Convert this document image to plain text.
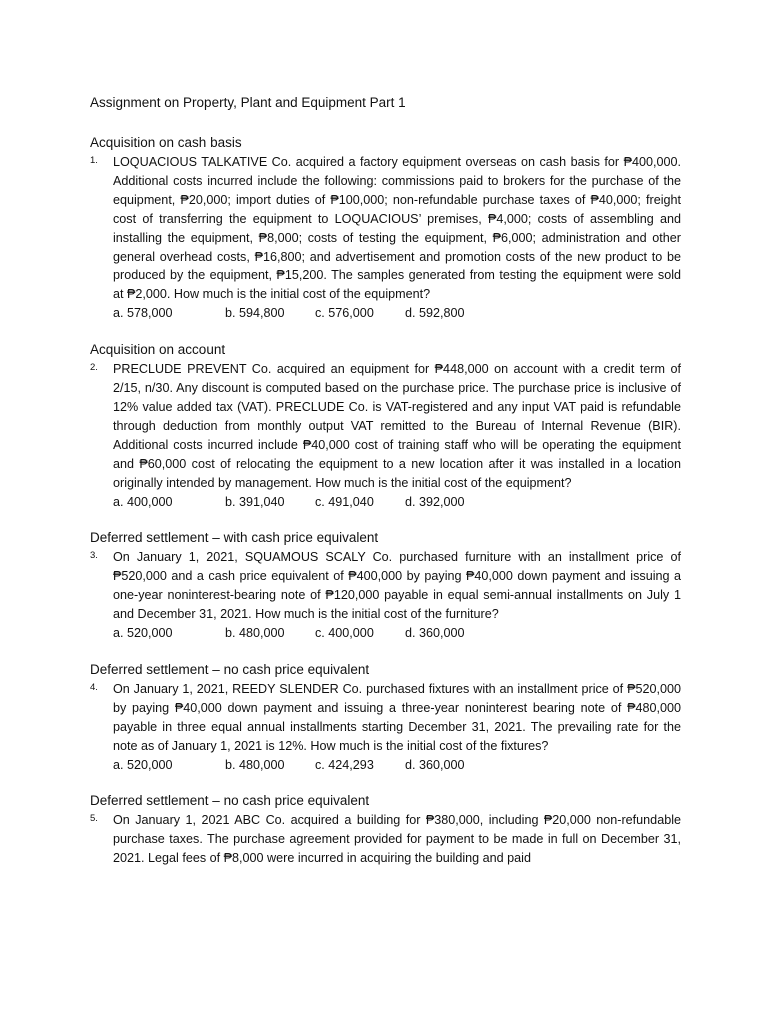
Assignment on Property, Plant and Equipment Part 1
Acquisition on cash basis
1. LOQUACIOUS TALKATIVE Co. acquired a factory equipment overseas on cash basis for ₱400,000. Additional costs incurred include the following: commissions paid to brokers for the purchase of the equipment, ₱20,000; import duties of ₱100,000; non-refundable purchase taxes of ₱40,000; freight cost of transferring the equipment to LOQUACIOUS’ premises, ₱4,000; costs of assembling and installing the equipment, ₱8,000; costs of testing the equipment, ₱6,000; administration and other general overhead costs, ₱16,800; and advertisement and promotion costs of the new product to be produced by the equipment, ₱15,200. The samples generated from testing the equipment were sold at ₱2,000. How much is the initial cost of the equipment?

a. 578,000	b. 594,800	c. 576,000	d. 592,800
Acquisition on account
2. PRECLUDE PREVENT Co. acquired an equipment for ₱448,000 on account with a credit term of 2/15, n/30. Any discount is computed based on the purchase price. The purchase price is inclusive of 12% value added tax (VAT). PRECLUDE Co. is VAT-registered and any input VAT paid is refundable through deduction from monthly output VAT remitted to the Bureau of Internal Revenue (BIR). Additional costs incurred include ₱40,000 cost of training staff who will be operating the equipment and ₱60,000 cost of relocating the equipment to a new location after it was installed in a location originally intended by management. How much is the initial cost of the equipment?

a. 400,000	b. 391,040	c. 491,040	d. 392,000
Deferred settlement – with cash price equivalent
3. On January 1, 2021, SQUAMOUS SCALY Co. purchased furniture with an installment price of ₱520,000 and a cash price equivalent of ₱400,000 by paying ₱40,000 down payment and issuing a one-year noninterest-bearing note of ₱120,000 payable in equal semi-annual installments on July 1 and December 31, 2021. How much is the initial cost of the furniture?

a. 520,000	b. 480,000	c. 400,000	d. 360,000
Deferred settlement – no cash price equivalent
4. On January 1, 2021, REEDY SLENDER Co. purchased fixtures with an installment price of ₱520,000 by paying ₱40,000 down payment and issuing a three-year noninterest bearing note of ₱480,000 payable in three equal annual installments starting December 31, 2021. The prevailing rate for the note as of January 1, 2021 is 12%. How much is the initial cost of the fixtures?

a. 520,000	b. 480,000	c. 424,293	d. 360,000
Deferred settlement – no cash price equivalent
5. On January 1, 2021 ABC Co. acquired a building for ₱380,000, including ₱20,000 non-refundable purchase taxes. The purchase agreement provided for payment to be made in full on December 31, 2021. Legal fees of ₱8,000 were incurred in acquiring the building and paid
